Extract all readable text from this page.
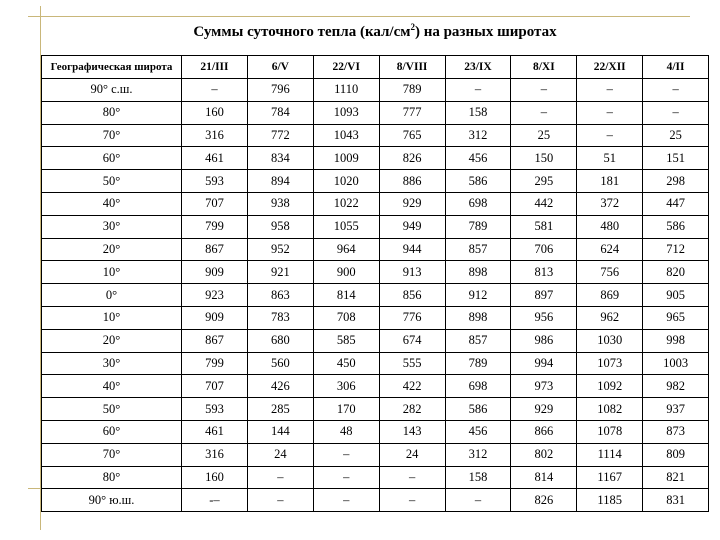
Суммы суточного тепла $(кал/см^2)$ на разных широтах
Географическая широта	21/III	6/V	22/VI	8/VIII	23/IX	8/XI	22/XII	4/II
90° с.ш.	–	796	1110	789	–	–	–	–
80°	160	784	1093	777	158	–	–	–
70°	316	772	1043	765	312	25	–	25
60°	461	834	1009	826	456	150	51	151
50°	593	894	1020	886	586	295	181	298
40°	707	938	1022	929	698	442	372	447
30°	799	958	1055	949	789	581	480	586
20°	867	952	964	944	857	706	624	712
10°	909	921	900	913	898	813	756	820
0°	923	863	814	856	912	897	869	905
10°	909	783	708	776	898	956	962	965
20°	867	680	585	674	857	986	1030	998
30°	799	560	450	555	789	994	1073	1003
40°	707	426	306	422	698	973	1092	982
50°	593	285	170	282	586	929	1082	937
60°	461	144	48	143	456	866	1078	873
70°	316	24	–	24	312	802	1114	809
80°	160	–	–	–	158	814	1167	821
90° ю.ш.	-–	–	–	–	–	826	1185	831
